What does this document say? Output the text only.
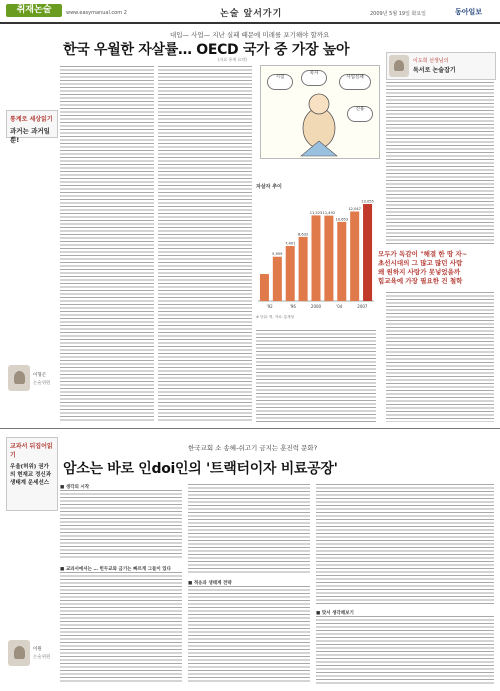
취재논술	www.easymanual.com 2	논술 앞서가기	2009년 5월 19일 화요일	동아일보
대입— 사업— 지난 실패 때문에 미래를 포기해야 할까요
한국 우월한 자살률… OECD 국가 중 가장 높아
(자료 통계 요약)
통계로 세상읽기
과거는 과거일 뿐!
이형곤
논술위원
시험
죽자
사업실패
신용
자살자 추이
5,959
7,401
8,632
11,523 11,492
10,653
12,047
13,055
'92	'96	2000	'04	2007
※ 단위: 명, 자료: 통계청
이도희 선생님의
독서로 논술잡기
모두가 독감이 "해결 한 땅 자~
초선시대의 그 많고 많던 사람
왜 원하지 사랑가 못넣었을까
힘교육에 가장 필요한 건 철학
교과서 뒤집어읽기
우울(허위) 권가의 현재교 정신과 생태계 운세선스
한국교회 소 송혜-쉬고기 금지는 훈진럭 문화?
암소는 바로 인doi인의 '트랙터이자 비료공장'
■ 생각의 시작
■ 교과서에서는 … 힌두교와 금기는 빠르게 그들이 있다
■ 적응과 생태계 전략
■ 맞서 생각해보기
이원
논술위원
